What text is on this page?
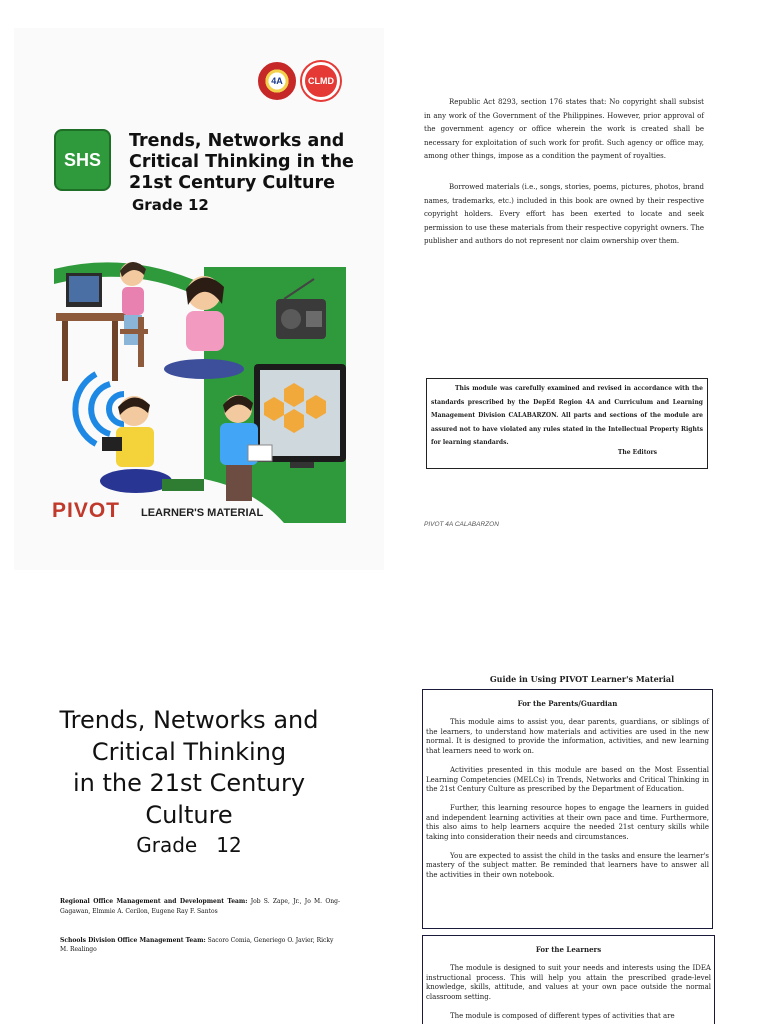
4A	CLMD
SHS
Trends, Networks and Critical Thinking in the 21st Century Culture
Grade 12
PIVOT LEARNER'S MATERIAL

Republic Act 8293, section 176 states that: No copyright shall subsist in any work of the Government of the Philippines. However, prior approval of the government agency or office wherein the work is created shall be necessary for exploitation of such work for profit. Such agency or office may, among other things, impose as a condition the payment of royalties.

Borrowed materials (i.e., songs, stories, poems, pictures, photos, brand names, trademarks, etc.) included in this book are owned by their respective copyright holders. Every effort has been exerted to locate and seek permission to use these materials from their respective copyright owners. The publisher and authors do not represent nor claim ownership over them.

This module was carefully examined and revised in accordance with the standards prescribed by the DepEd Region 4A and Curriculum and Learning Management Division CALABARZON. All parts and sections of the module are assured not to have violated any rules stated in the Intellectual Property Rights for learning standards.

The Editors
PIVOT 4A CALABARZON
Trends, Networks and
Critical Thinking
in the 21st Century
Culture
Grade   12

Regional Office Management and Development Team: Job S. Zape, Jr., Jo M. Ong-Gagawan, Elmmie A. Cerilon, Eugene Ray F. Santos

Schools Division Office Management Team: Sacoro Comia, Generiego O. Javier, Ricky M. Realingo

Guide in Using PIVOT Learner's Material
For the Parents/Guardian

This module aims to assist you, dear parents, guardians, or siblings of the learners, to understand how materials and activities are used in the new normal. It is designed to provide the information, activities, and new learning that learners need to work on.

Activities presented in this module are based on the Most Essential Learning Competencies (MELCs) in Trends, Networks and Critical Thinking in the 21st Century Culture as prescribed by the Department of Education.

Further, this learning resource hopes to engage the learners in guided and independent learning activities at their own pace and time. Furthermore, this also aims to help learners acquire the needed 21st century skills while taking into consideration their needs and circumstances.

You are expected to assist the child in the tasks and ensure the learner's mastery of the subject matter. Be reminded that learners have to answer all the activities in their own notebook.

For the Learners

The module is designed to suit your needs and interests using the IDEA instructional process. This will help you attain the prescribed grade-level knowledge, skills, attitude, and values at your own pace outside the normal classroom setting.

The module is composed of different types of activities that are
